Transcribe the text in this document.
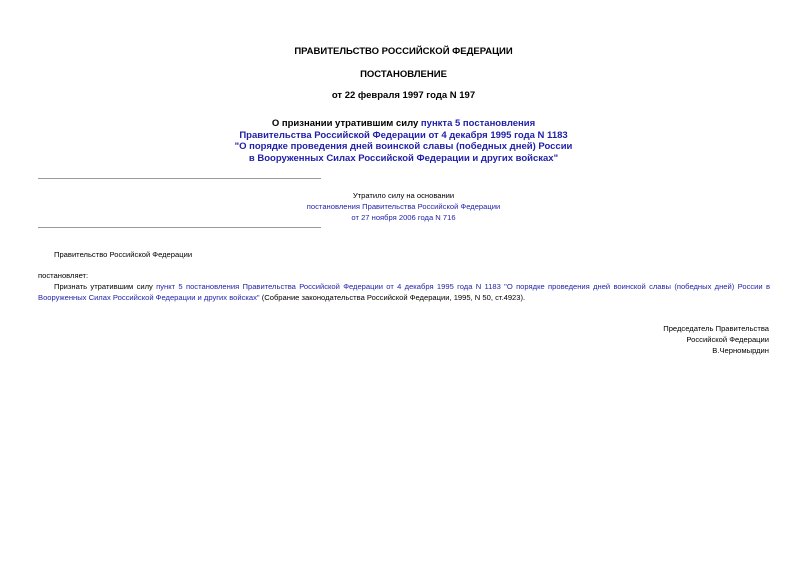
ПРАВИТЕЛЬСТВО РОССИЙСКОЙ ФЕДЕРАЦИИ
ПОСТАНОВЛЕНИЕ
от 22 февраля 1997 года N 197
О признании утратившим силу пункта 5 постановления
Правительства Российской Федерации от 4 декабря 1995 года N 1183
"О порядке проведения дней воинской славы (победных дней) России
в Вооруженных Силах Российской Федерации и других войсках"
Утратило силу на основании
постановления Правительства Российской Федерации
от 27 ноября 2006 года N 716
Правительство Российской Федерации
постановляет:
Признать утратившим силу пункт 5 постановления Правительства Российской Федерации от 4 декабря 1995 года N 1183 "О порядке проведения дней воинской славы (победных дней) России в Вооруженных Силах Российской Федерации и других войсках" (Собрание законодательства Российской Федерации, 1995, N 50, ст.4923).
Председатель Правительства
Российской Федерации
В.Черномырдин
